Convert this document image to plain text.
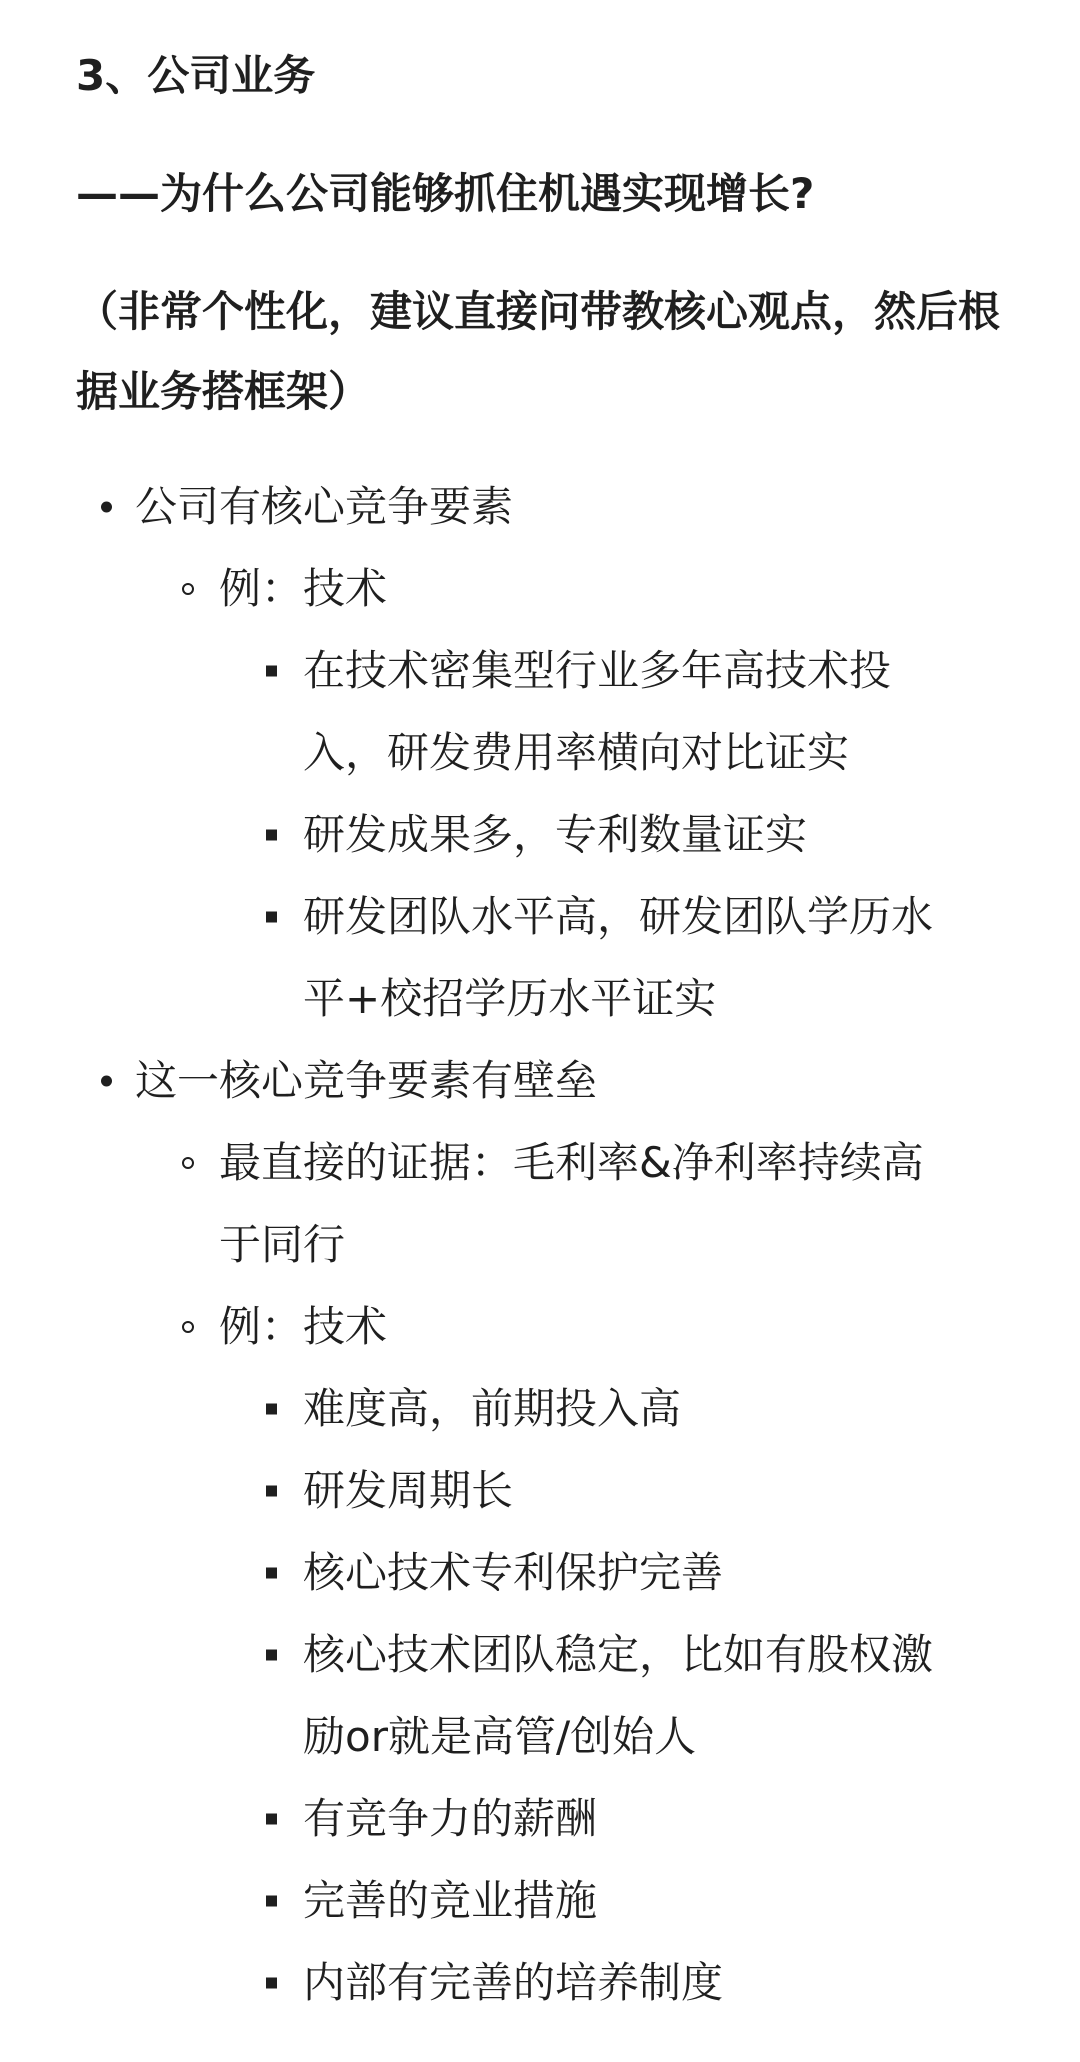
3、公司业务
——为什么公司能够抓住机遇实现增长?
（非常个性化，建议直接问带教核心观点，然后根据业务搭框架）
公司有核心竞争要素
例：技术
在技术密集型行业多年高技术投入，研发费用率横向对比证实
研发成果多，专利数量证实
研发团队水平高，研发团队学历水平+校招学历水平证实
这一核心竞争要素有壁垒
最直接的证据：毛利率&净利率持续高于同行
例：技术
难度高，前期投入高
研发周期长
核心技术专利保护完善
核心技术团队稳定，比如有股权激励or就是高管/创始人
有竞争力的薪酬
完善的竞业措施
内部有完善的培养制度
